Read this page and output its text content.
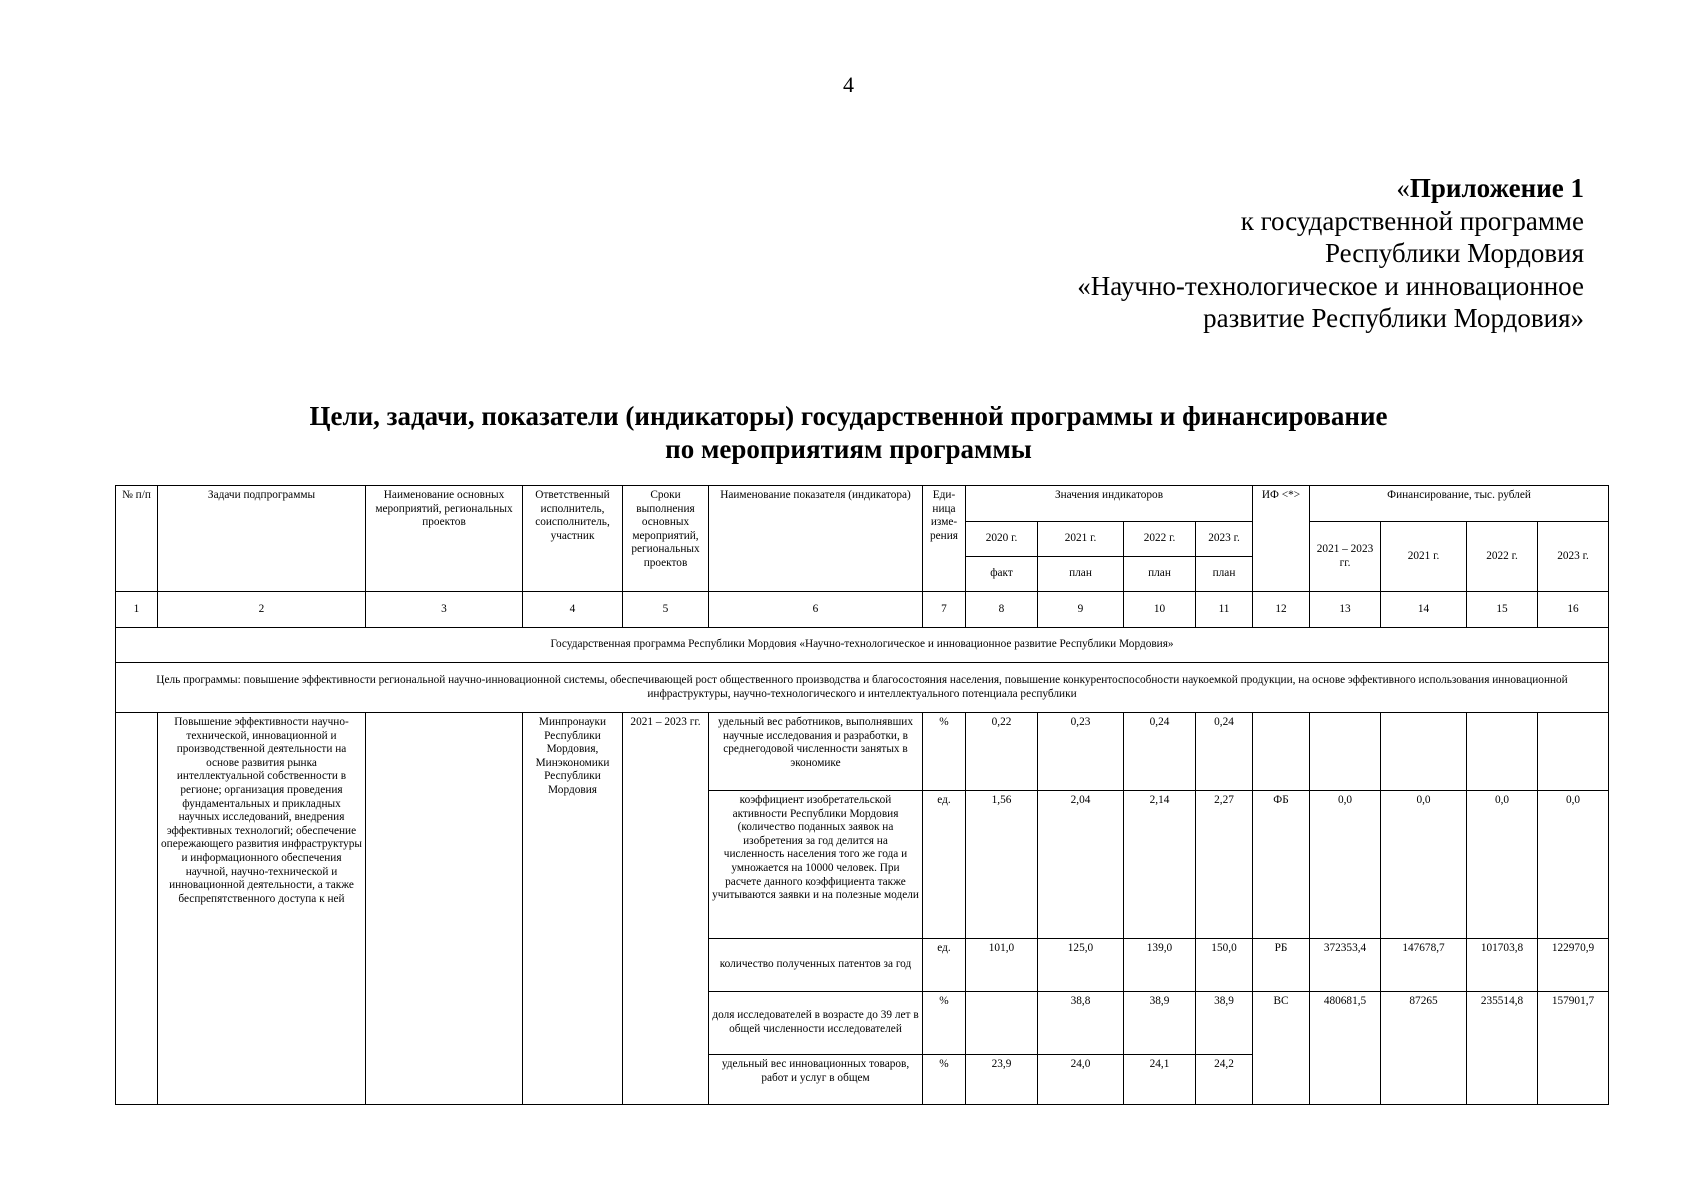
4
«Приложение 1
к государственной программе
Республики Мордовия
«Научно-технологическое и инновационное
развитие Республики Мордовия»
Цели, задачи, показатели (индикаторы) государственной программы и финансирование
по мероприятиям программы
№ п/п	Задачи подпрограммы	Наименование основных мероприятий, региональных проектов	Ответственный исполнитель, соисполнитель, участник	Сроки выполнения основных мероприятий, региональных проектов	Наименование показателя (индикатора)	Еди-ница изме-рения	Значения индикаторов				ИФ <*>	Финансирование, тыс. рублей			
							2020 г.	2021 г.	2022 г.	2023 г.		2021 – 2023 гг.	2021 г.	2022 г.	2023 г.
							факт	план	план	план					
1	2	3	4	5	6	7	8	9	10	11	12	13	14	15	16
Государственная программа Республики Мордовия «Научно-технологическое и инновационное развитие Республики Мордовия»															
Цель программы: повышение эффективности региональной научно-инновационной системы, обеспечивающей рост общественного производства и благосостояния населения, повышение конкурентоспособности наукоемкой продукции, на основе эффективного использования инновационной инфраструктуры, научно-технологического и интеллектуального потенциала республики															
	Повышение эффективности научно-технической, инновационной и производственной деятельности на основе развития рынка интеллектуальной собственности в регионе; организация проведения фундаментальных и прикладных научных исследований, внедрения эффективных технологий; обеспечение опережающего развития инфраструктуры и информационного обеспечения научной, научно-технической и инновационной деятельности, а также беспрепятственного доступа к ней		Минпронауки Республики Мордовия, Минэкономики Республики Мордовия	2021 – 2023 гг.	удельный вес работников, выполнявших научные исследования и разработки, в среднегодовой численности занятых в экономике	%	0,22	0,23	0,24	0,24					
					коэффициент изобретательской активности Республики Мордовия (количество поданных заявок на изобретения за год делится на численность населения того же года и умножается на 10000 человек. При расчете данного коэффициента также учитываются заявки и на полезные модели	ед.	1,56	2,04	2,14	2,27	ФБ	0,0	0,0	0,0	0,0
					количество полученных патентов за год	ед.	101,0	125,0	139,0	150,0	РБ	372353,4	147678,7	101703,8	122970,9
					доля исследователей в возрасте до 39 лет в общей численности исследователей	%		38,8	38,9	38,9	ВС	480681,5	87265	235514,8	157901,7
					удельный вес инновационных товаров, работ и услуг в общем	%	23,9	24,0	24,1	24,2					
